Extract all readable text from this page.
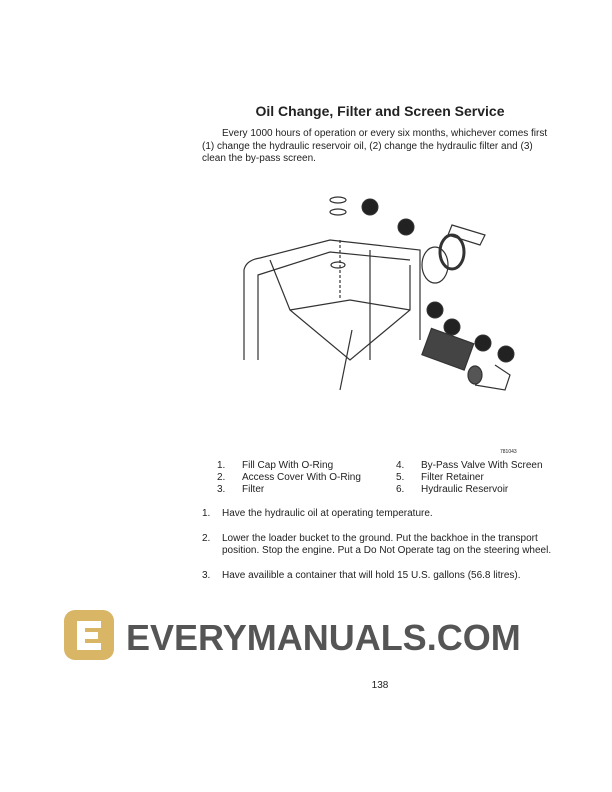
Oil Change, Filter and Screen Service
Every 1000 hours of operation or every six months, whichever comes first (1) change the hydraulic reservoir oil, (2) change the hydraulic filter and (3) clean the by-pass screen.
1
2
3
4
5
6
781043
1.	Fill Cap With O-Ring
2.	Access Cover With O-Ring
3.	Filter
4.	By-Pass Valve With Screen
5.	Filter Retainer
6.	Hydraulic Reservoir
1.	Have the hydraulic oil at operating temperature.
2.	Lower the loader bucket to the ground. Put the backhoe in the transport position. Stop the engine. Put a Do Not Operate tag on the steering wheel.
3.	Have availible a container that will hold 15 U.S. gallons (56.8 litres).
EVERYMANUALS.COM
138
